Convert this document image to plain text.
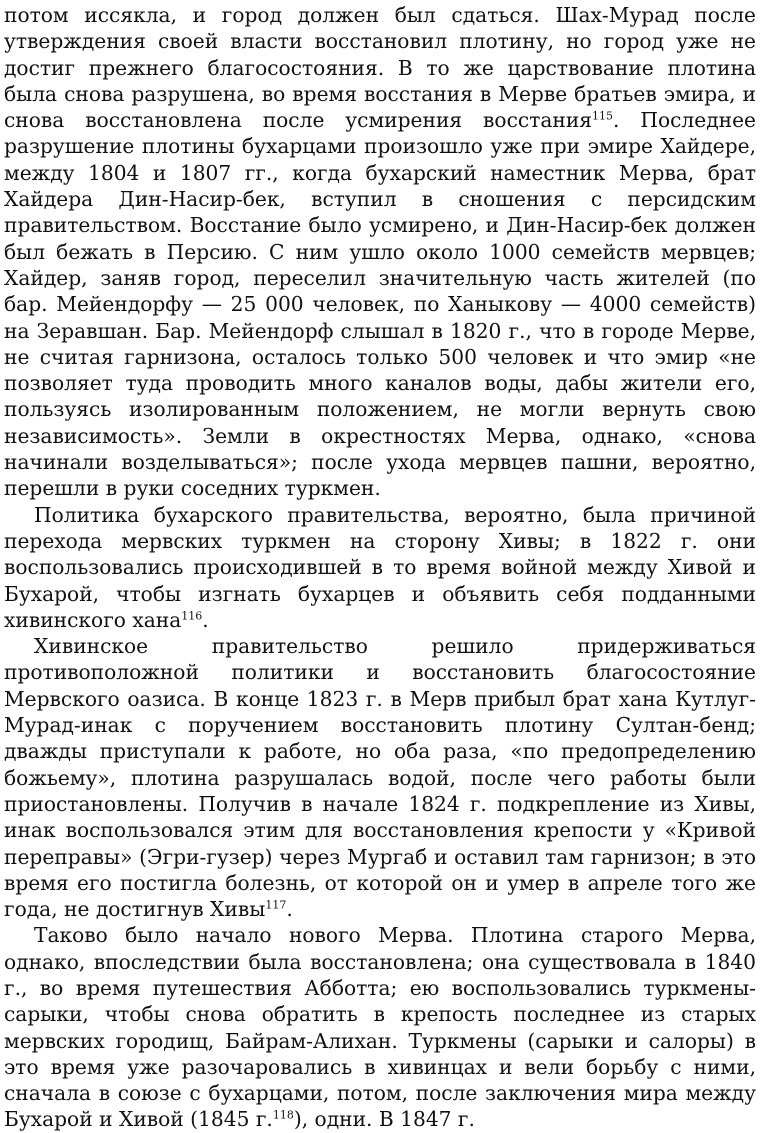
потом иссякла, и город должен был сдаться. Шах-Мурад после утверждения своей власти восстановил плотину, но город уже не достиг прежнего благосостояния. В то же царствование плотина была снова разрушена, во время восстания в Мерве братьев эмира, и снова восстановлена после усмирения восстания$^{115}$. Последнее разрушение плотины бухарцами произошло уже при эмире Хайдере, между 1804 и 1807 гг., когда бухарский наместник Мерва, брат Хайдера Дин-Насир-бек, вступил в сношения с персидским правительством. Восстание было усмирено, и Дин-Насир-бек должен был бежать в Персию. С ним ушло около 1000 семейств мервцев; Хайдер, заняв город, переселил значительную часть жителей (по бар. Мейендорфу — 25 000 человек, по Ханыкову — 4000 семейств) на Зеравшан. Бар. Мейендорф слышал в 1820 г., что в городе Мерве, не считая гарнизона, осталось только 500 человек и что эмир «не позволяет туда проводить много каналов воды, дабы жители его, пользуясь изолированным положением, не могли вернуть свою независимость». Земли в окрестностях Мерва, однако, «снова начинали возделываться»; после ухода мервцев пашни, вероятно, перешли в руки соседних туркмен.

Политика бухарского правительства, вероятно, была причиной перехода мервских туркмен на сторону Хивы; в 1822 г. они воспользовались происходившей в то время войной между Хивой и Бухарой, чтобы изгнать бухарцев и объявить себя подданными хивинского хана$^{116}$.

Хивинское правительство решило придерживаться противоположной политики и восстановить благосостояние Мервского оазиса. В конце 1823 г. в Мерв прибыл брат хана Кутлуг-Мурад-инак с поручением восстановить плотину Султан-бенд; дважды приступали к работе, но оба раза, «по предопределению божьему», плотина разрушалась водой, после чего работы были приостановлены. Получив в начале 1824 г. подкрепление из Хивы, инак воспользовался этим для восстановления крепости у «Кривой переправы» (Эгри-гузер) через Мургаб и оставил там гарнизон; в это время его постигла болезнь, от которой он и умер в апреле того же года, не достигнув Хивы$^{117}$.

Таково было начало нового Мерва. Плотина старого Мерва, однако, впоследствии была восстановлена; она существовала в 1840 г., во время путешествия Абботта; ею воспользовались туркмены-сарыки, чтобы снова обратить в крепость последнее из старых мервских городищ, Байрам-Алихан. Туркмены (сарыки и салоры) в это время уже разочаровались в хивинцах и вели борьбу с ними, сначала в союзе с бухарцами, потом, после заключения мира между Бухарой и Хивой (1845 г.$^{118}$), одни. В 1847 г.
